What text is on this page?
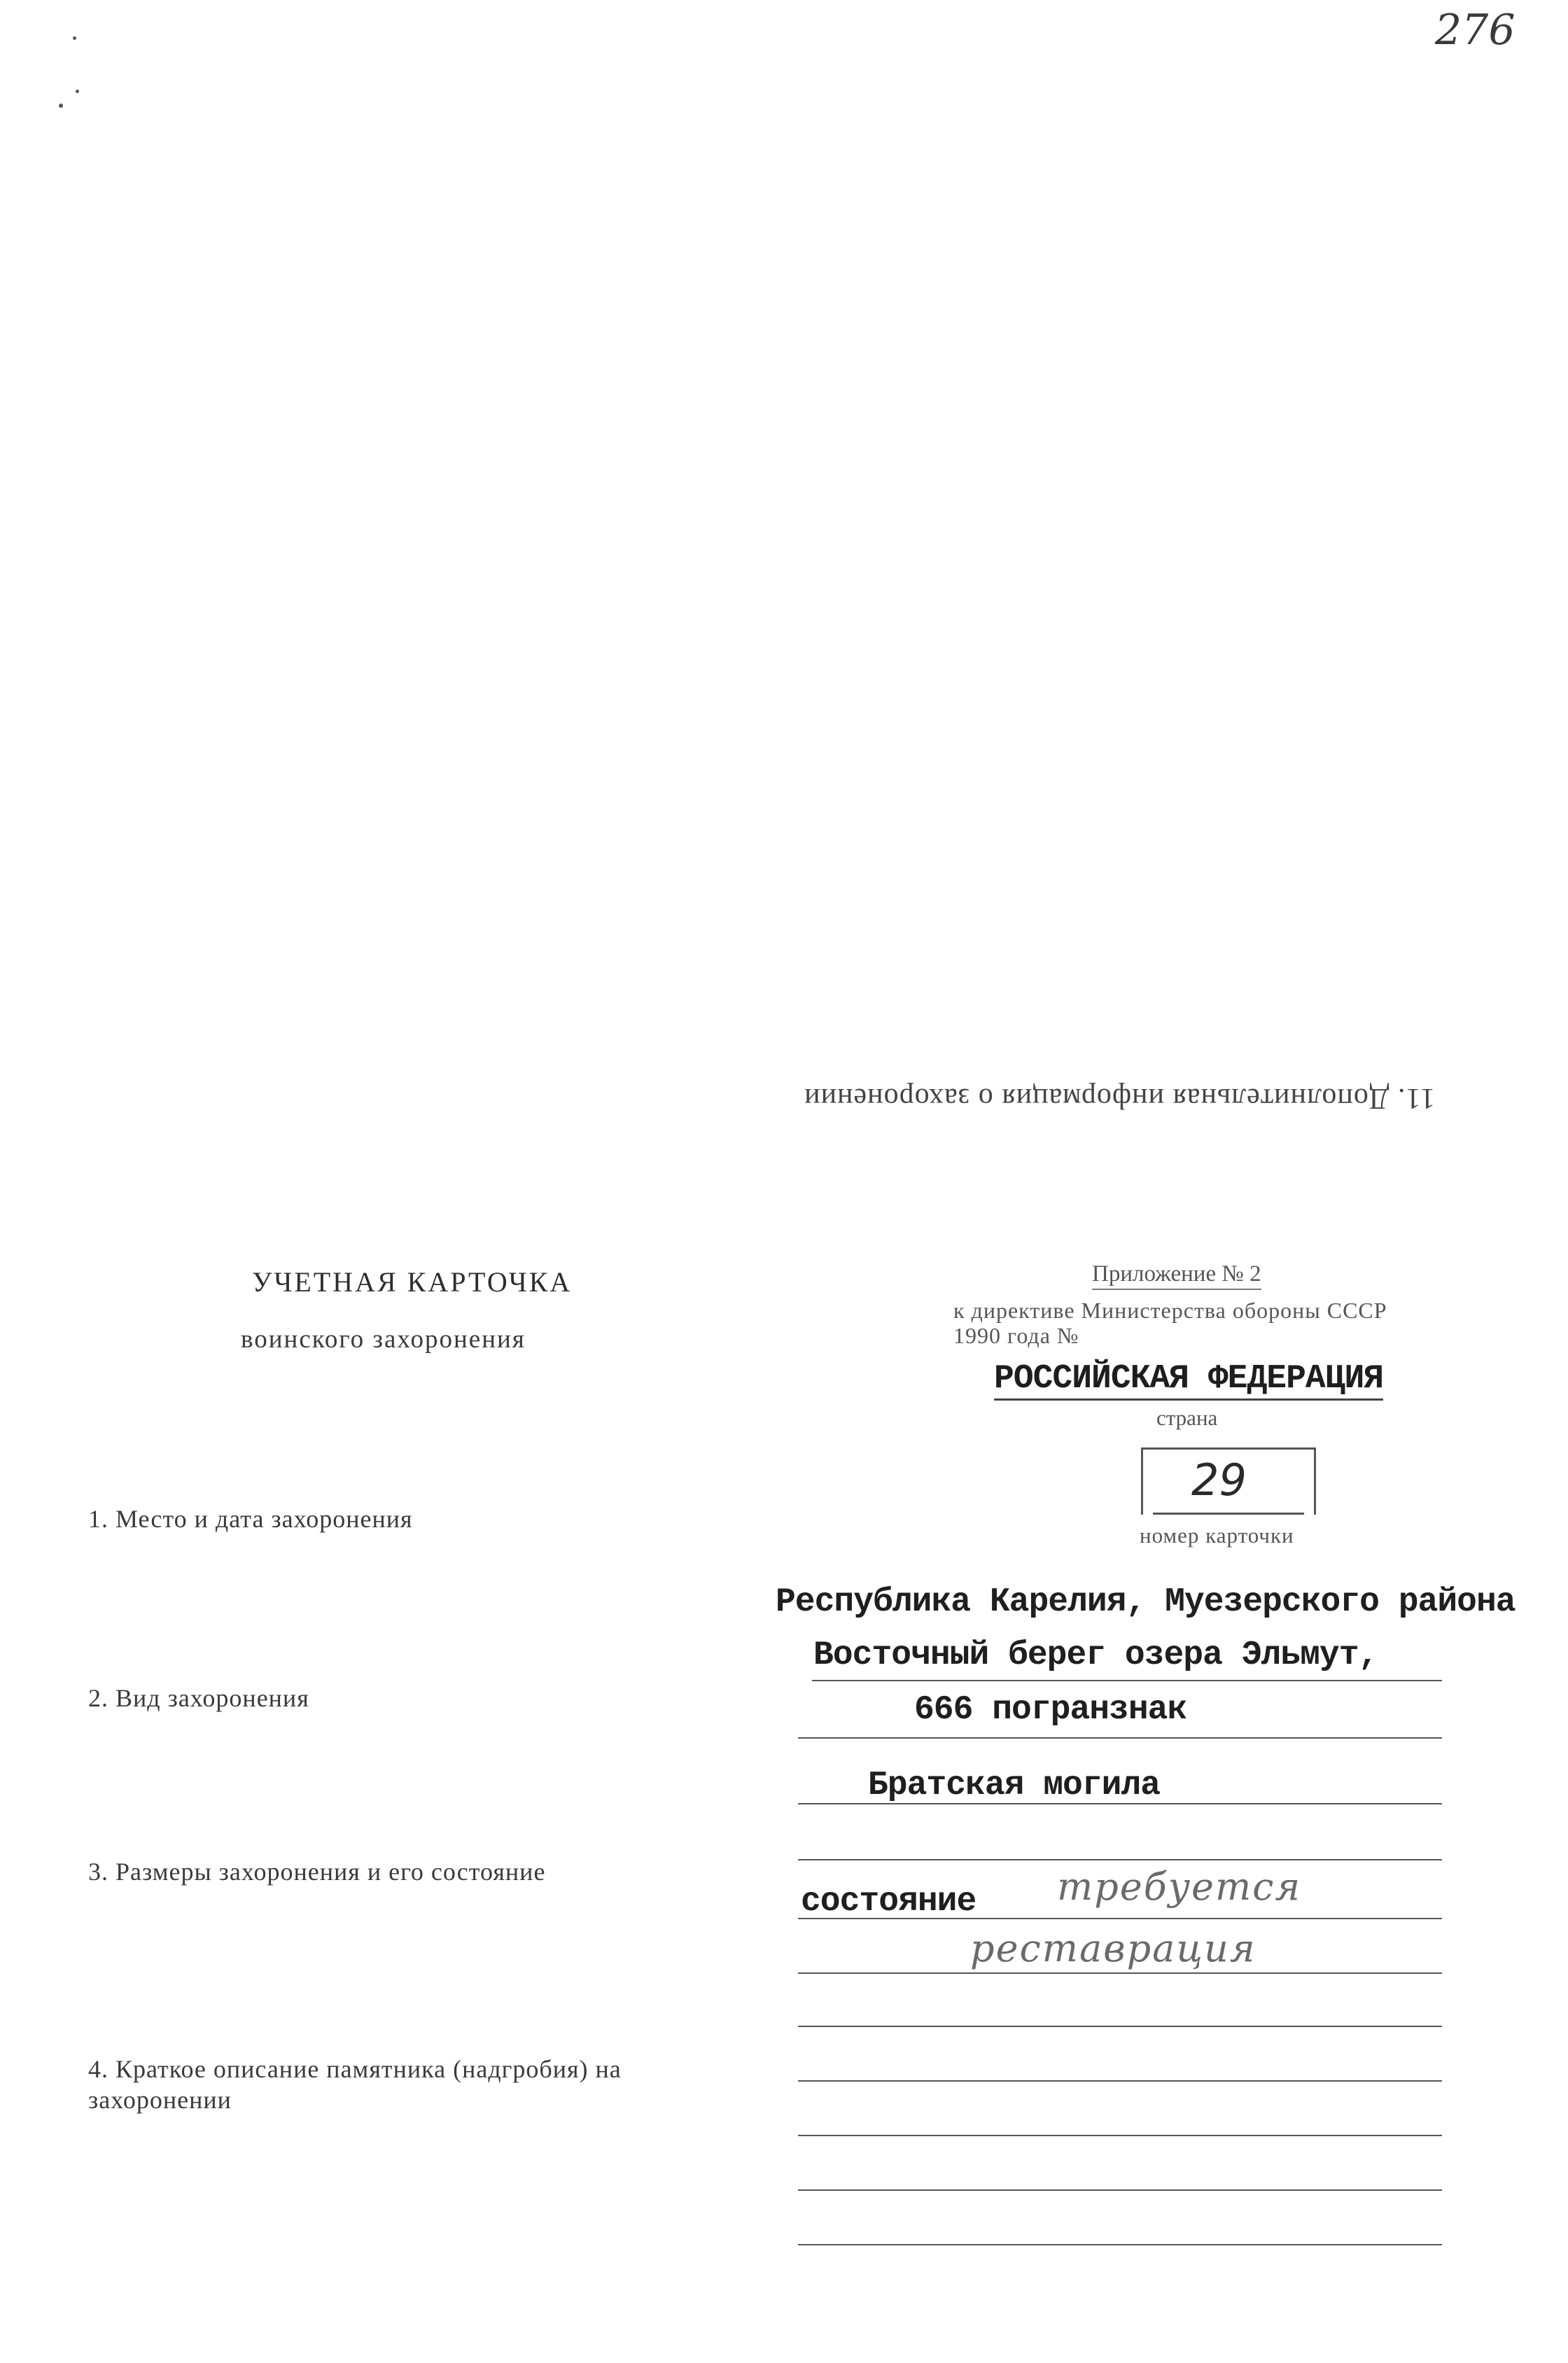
276
11. Дополнительная информация о захоронении
УЧЕТНАЯ КАРТОЧКА
воинского захоронения
Приложение № 2
к директиве Министерства обороны СССР
1990 года №
РОССИЙСКАЯ ФЕДЕРАЦИЯ
страна
29
номер карточки
1. Место и дата захоронения
2. Вид захоронения
3. Размеры захоронения и его состояние
4. Краткое описание памятника (надгробия) на захоронении
Республика Карелия, Муезерского района
Восточный берег озера Эльмут,
666 погранзнак
Братская могила
состояние требуется
реставрация
